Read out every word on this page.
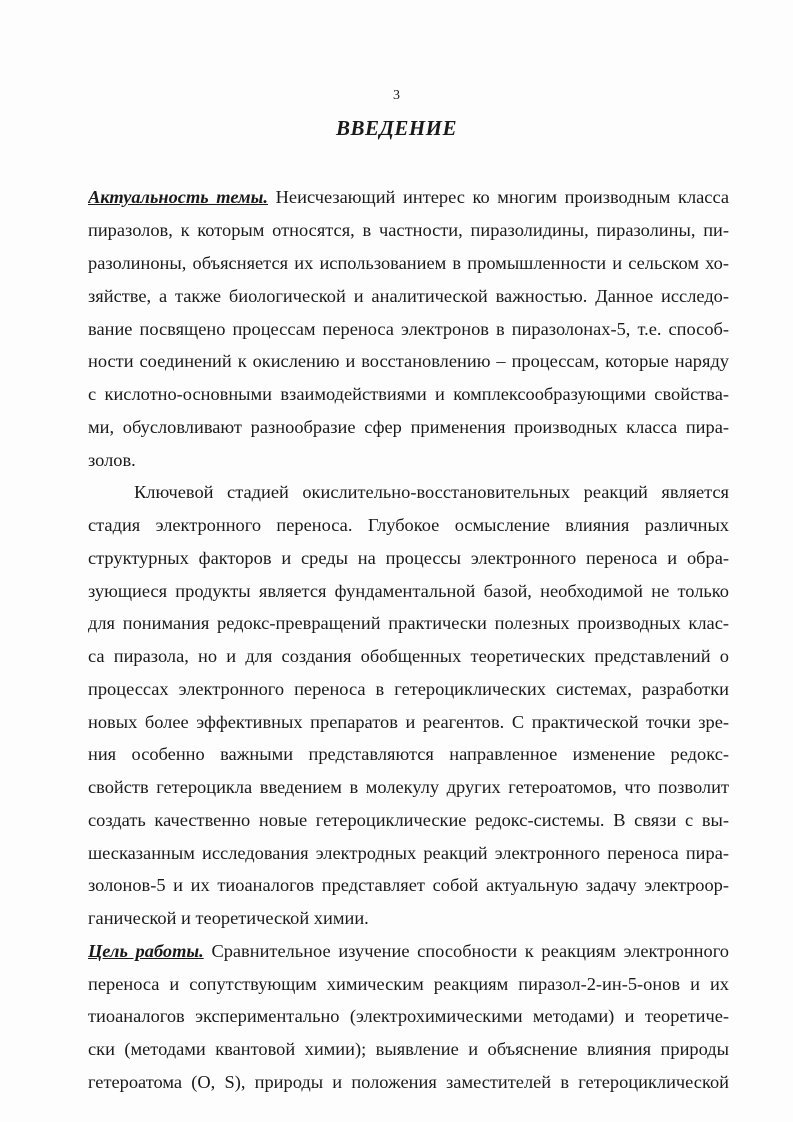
3
ВВЕДЕНИЕ
Актуальность темы. Неисчезающий интерес ко многим производным класса
пиразолов, к которым относятся, в частности, пиразолидины, пиразолины, пи-
разолиноны, объясняется их использованием в промышленности и сельском хо-
зяйстве, а также биологической и аналитической важностью. Данное исследо-
вание посвящено процессам переноса электронов в пиразолонах-5, т.е. способ-
ности соединений к окислению и восстановлению – процессам, которые наряду
с кислотно-основными взаимодействиями и комплексообразующими свойства-
ми, обусловливают разнообразие сфер применения производных класса пира-
золов.
Ключевой стадией окислительно-восстановительных реакций является
стадия электронного переноса. Глубокое осмысление влияния различных
структурных факторов и среды на процессы электронного переноса и обра-
зующиеся продукты является фундаментальной базой, необходимой не только
для понимания редокс-превращений практически полезных производных клас-
са пиразола, но и для создания обобщенных теоретических представлений о
процессах электронного переноса в гетероциклических системах, разработки
новых более эффективных препаратов и реагентов. С практической точки зре-
ния особенно важными представляются направленное изменение редокс-
свойств гетероцикла введением в молекулу других гетероатомов, что позволит
создать качественно новые гетероциклические редокс-системы. В связи с вы-
шесказанным исследования электродных реакций электронного переноса пира-
золонов-5 и их тиоаналогов представляет собой актуальную задачу электроор-
ганической и теоретической химии.
Цель работы. Сравнительное изучение способности к реакциям электронного
переноса и сопутствующим химическим реакциям пиразол-2-ин-5-онов и их
тиоаналогов экспериментально (электрохимическими методами) и теоретиче-
ски (методами квантовой химии); выявление и объяснение влияния природы
гетероатома (O, S), природы и положения заместителей в гетероциклической
